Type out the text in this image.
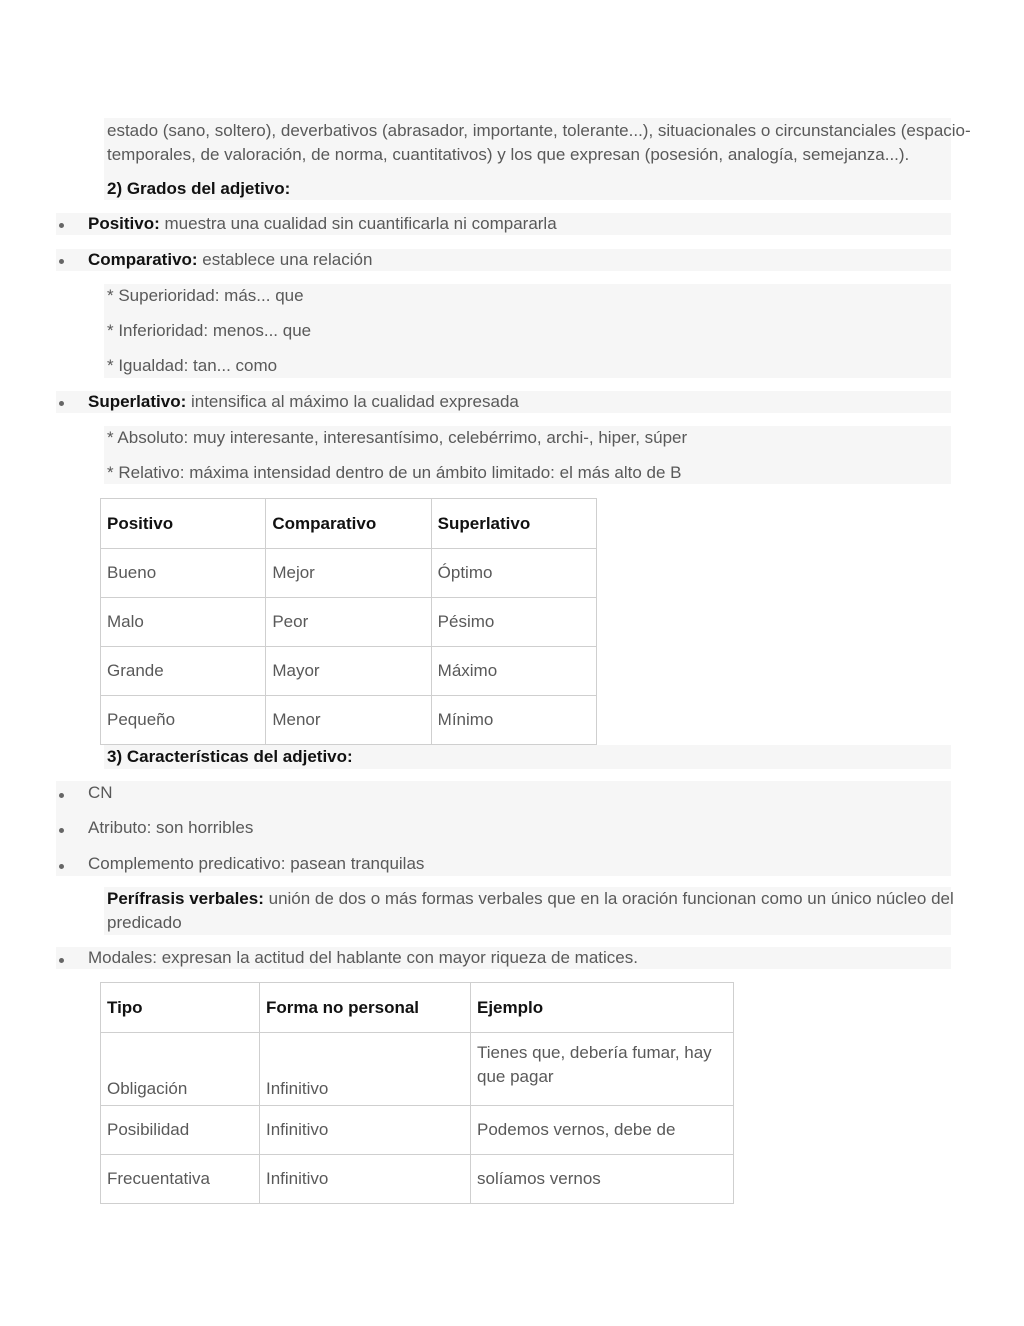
estado (sano, soltero), deverbativos (abrasador, importante, tolerante...), situacionales o circunstanciales (espacio-
temporales, de valoración, de norma, cuantitativos) y los que expresan (posesión, analogía, semejanza...).
2) Grados del adjetivo:
Positivo: muestra una cualidad sin cuantificarla ni compararla
Comparativo: establece una relación
* Superioridad: más... que
* Inferioridad: menos... que
* Igualdad: tan... como
Superlativo: intensifica al máximo la cualidad expresada
* Absoluto: muy interesante, interesantísimo, celebérrimo, archi-, hiper, súper
* Relativo: máxima intensidad dentro de un ámbito limitado: el más alto de B
Positivo	Comparativo	Superlativo
Bueno	Mejor	Óptimo
Malo	Peor	Pésimo
Grande	Mayor	Máximo
Pequeño	Menor	Mínimo
3) Características del adjetivo:
CN
Atributo: son horribles
Complemento predicativo: pasean tranquilas
Perífrasis verbales: unión de dos o más formas verbales que en la oración funcionan como un único núcleo del
predicado
Modales: expresan la actitud del hablante con mayor riqueza de matices.
Tipo	Forma no personal	Ejemplo
Obligación	Infinitivo	Tienes que, debería fumar, hay que pagar
Posibilidad	Infinitivo	Podemos vernos, debe de
Frecuentativa	Infinitivo	solíamos vernos
